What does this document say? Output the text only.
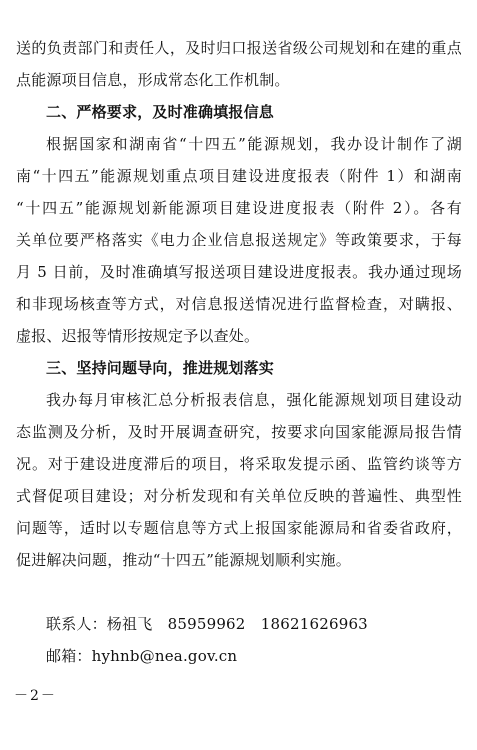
送的负责部门和责任人，及时归口报送省级公司规划和在建的重点
点能源项目信息，形成常态化工作机制。
二、严格要求，及时准确填报信息
根据国家和湖南省“十四五”能源规划，我办设计制作了湖
南“十四五”能源规划重点项目建设进度报表（附件 1）和湖南
“十四五”能源规划新能源项目建设进度报表（附件 2）。各有
关单位要严格落实《电力企业信息报送规定》等政策要求，于每
月 5 日前，及时准确填写报送项目建设进度报表。我办通过现场
和非现场核查等方式，对信息报送情况进行监督检查，对瞒报、
虚报、迟报等情形按规定予以查处。
三、坚持问题导向，推进规划落实
我办每月审核汇总分析报表信息，强化能源规划项目建设动
态监测及分析，及时开展调查研究，按要求向国家能源局报告情
况。对于建设进度滞后的项目，将采取发提示函、监管约谈等方
式督促项目建设；对分析发现和有关单位反映的普遍性、典型性
问题等，适时以专题信息等方式上报国家能源局和省委省政府，
促进解决问题，推动“十四五”能源规划顺利实施。
联系人：杨祖飞　85959962　18621626963
邮箱：hyhnb@nea.gov.cn
－2－
